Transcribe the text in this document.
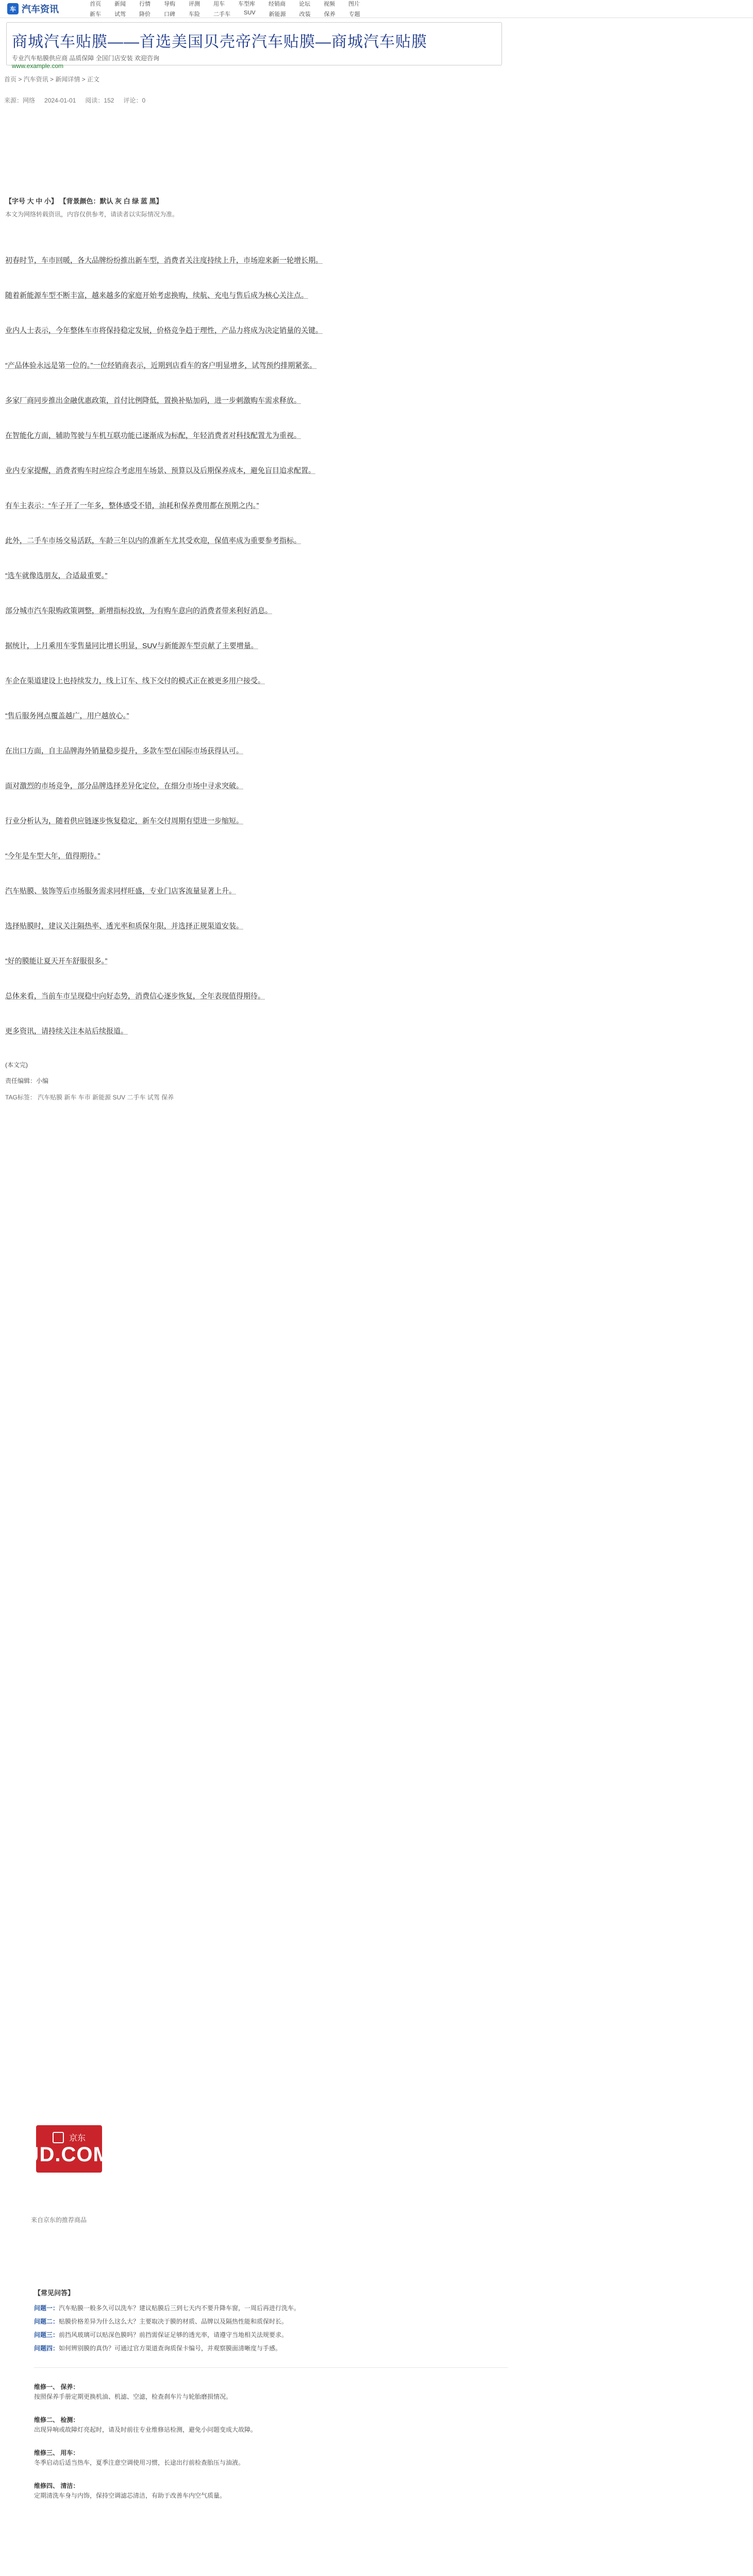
车 汽车资讯	首页 新闻 行情 导购 评测 用车 车型库 经销商 论坛 视频 图片
新车 试驾 降价 口碑 车险 二手车 SUV 新能源 改装 保养 专题
商城汽车贴膜——首选美国贝壳帝汽车贴膜—商城汽车贴膜
专业汽车贴膜供应商 品质保障 全国门店安装 欢迎咨询
www.example.com
首页 > 汽车资讯 > 新闻详情 > 正文
来源：网络 2024-01-01 阅读：152 评论：0
【字号 大 中 小】 【背景颜色：默认 灰 白 绿 蓝 黑】
本文为网络转载资讯，内容仅供参考，请读者以实际情况为准。

初春时节，车市回暖，各大品牌纷纷推出新车型，消费者关注度持续上升，市场迎来新一轮增长期。

随着新能源车型不断丰富，越来越多的家庭开始考虑换购，续航、充电与售后成为核心关注点。

业内人士表示，今年整体车市将保持稳定发展，价格竞争趋于理性，产品力将成为决定销量的关键。

“产品体验永远是第一位的。”一位经销商表示，近期到店看车的客户明显增多，试驾预约排期紧张。

多家厂商同步推出金融优惠政策，首付比例降低，置换补贴加码，进一步刺激购车需求释放。

在智能化方面，辅助驾驶与车机互联功能已逐渐成为标配，年轻消费者对科技配置尤为重视。

业内专家提醒，消费者购车时应综合考虑用车场景、预算以及后期保养成本，避免盲目追求配置。

有车主表示：“车子开了一年多，整体感受不错，油耗和保养费用都在预期之内。”

此外，二手车市场交易活跃，车龄三年以内的准新车尤其受欢迎，保值率成为重要参考指标。

“选车就像选朋友，合适最重要。”

部分城市汽车限购政策调整，新增指标投放，为有购车意向的消费者带来利好消息。

据统计，上月乘用车零售量同比增长明显，SUV与新能源车型贡献了主要增量。

车企在渠道建设上也持续发力，线上订车、线下交付的模式正在被更多用户接受。

“售后服务网点覆盖越广，用户越放心。”

在出口方面，自主品牌海外销量稳步提升，多款车型在国际市场获得认可。

面对激烈的市场竞争，部分品牌选择差异化定位，在细分市场中寻求突破。

行业分析认为，随着供应链逐步恢复稳定，新车交付周期有望进一步缩短。

“今年是车型大年，值得期待。”

汽车贴膜、装饰等后市场服务需求同样旺盛，专业门店客流量显著上升。

选择贴膜时，建议关注隔热率、透光率和质保年限，并选择正规渠道安装。

“好的膜能让夏天开车舒服很多。”

总体来看，当前车市呈现稳中向好态势，消费信心逐步恢复，全年表现值得期待。

更多资讯，请持续关注本站后续报道。

(本文完)
责任编辑：小编
TAG标签： 汽车贴膜 新车 车市 新能源 SUV 二手车 试驾 保养
京东
JD.COM
来自京东的推荐商品
【常见问答】
问题一：汽车贴膜一般多久可以洗车？建议贴膜后三到七天内不要升降车窗，一周后再进行洗车。
问题二：贴膜价格差异为什么这么大？主要取决于膜的材质、品牌以及隔热性能和质保时长。
问题三：前挡风玻璃可以贴深色膜吗？前挡需保证足够的透光率，请遵守当地相关法规要求。
问题四：如何辨别膜的真伪？可通过官方渠道查询质保卡编号，并观察膜面清晰度与手感。
维修一、 保养：
按照保养手册定期更换机油、机滤、空滤，检查刹车片与轮胎磨损情况。
维修二、 检测：
出现异响或故障灯亮起时，请及时前往专业维修站检测，避免小问题变成大故障。
维修三、 用车：
冬季启动后适当热车，夏季注意空调使用习惯，长途出行前检查胎压与油液。
维修四、 清洁：
定期清洗车身与内饰，保持空调滤芯清洁，有助于改善车内空气质量。
